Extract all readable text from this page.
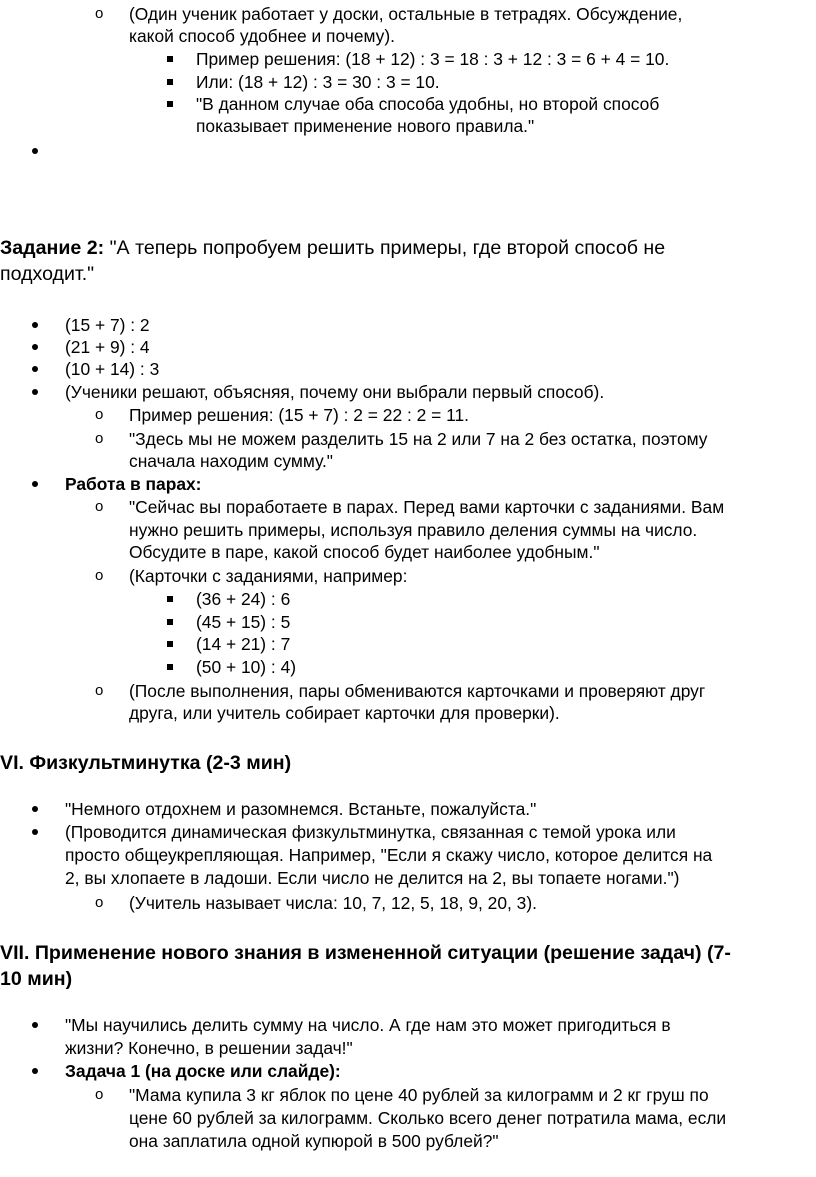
o (Один ученик работает у доски, остальные в тетрадях. Обсуждение,
какой способ удобнее и почему).
Пример решения: (18 + 12) : 3 = 18 : 3 + 12 : 3 = 6 + 4 = 10.
Или: (18 + 12) : 3 = 30 : 3 = 10.
"В данном случае оба способа удобны, но второй способ
показывает применение нового правила."
Задание 2: "А теперь попробуем решить примеры, где второй способ не
подходит."
(15 + 7) : 2
(21 + 9) : 4
(10 + 14) : 3
(Ученики решают, объясняя, почему они выбрали первый способ).
o Пример решения: (15 + 7) : 2 = 22 : 2 = 11.
o "Здесь мы не можем разделить 15 на 2 или 7 на 2 без остатка, поэтому
сначала находим сумму."
Работа в парах:
o "Сейчас вы поработаете в парах. Перед вами карточки с заданиями. Вам
нужно решить примеры, используя правило деления суммы на число.
Обсудите в паре, какой способ будет наиболее удобным."
o (Карточки с заданиями, например:
(36 + 24) : 6
(45 + 15) : 5
(14 + 21) : 7
(50 + 10) : 4)
o (После выполнения, пары обмениваются карточками и проверяют друг
друга, или учитель собирает карточки для проверки).
VI. Физкультминутка (2-3 мин)
"Немного отдохнем и разомнемся. Встаньте, пожалуйста."
(Проводится динамическая физкультминутка, связанная с темой урока или
просто общеукрепляющая. Например, "Если я скажу число, которое делится на
2, вы хлопаете в ладоши. Если число не делится на 2, вы топаете ногами.")
o (Учитель называет числа: 10, 7, 12, 5, 18, 9, 20, 3).
VII. Применение нового знания в измененной ситуации (решение задач) (7-
10 мин)
"Мы научились делить сумму на число. А где нам это может пригодиться в
жизни? Конечно, в решении задач!"
Задача 1 (на доске или слайде):
o "Мама купила 3 кг яблок по цене 40 рублей за килограмм и 2 кг груш по
цене 60 рублей за килограмм. Сколько всего денег потратила мама, если
она заплатила одной купюрой в 500 рублей?"
